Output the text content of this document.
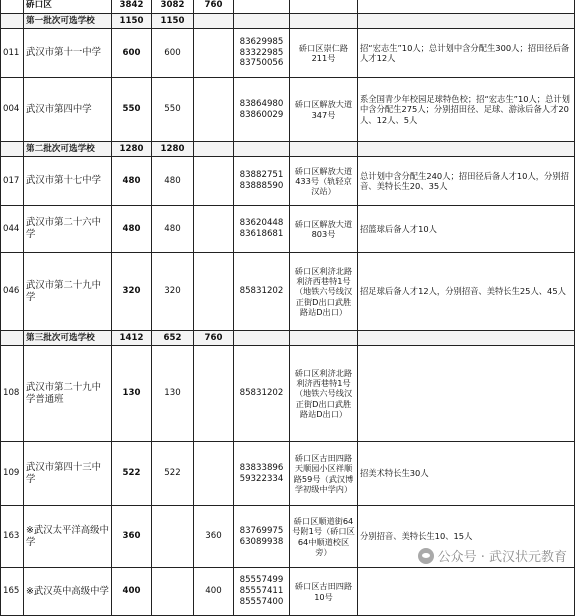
	硚口区	3842	3082	760			
	第一批次可选学校	1150	1150				
011	武汉市第十一中学	600	600		83629985
83322985
83750056	硚口区崇仁路
211号	招“宏志生”10人；总计划中含分配生300人；招田径后备人才12人
004	武汉市第四中学	550	550		83864980
83860029	硚口区解放大道
347号	系全国青少年校园足球特色校；招“宏志生”10人；总计划中含分配生275人；分别招田径、足球、游泳后备人才20人、12人、5人
	第二批次可选学校	1280	1280				
017	武汉市第十七中学	480	480		83882751
83888590	硚口区解放大道
433号（轨轻京汉站）	总计划中含分配生240人；招田径后备人才10人，分别招音、美特长生20、35人
044	武汉市第二十六中学	480	480		83620448
83618681	硚口区解放大道
803号	招篮球后备人才10人
046	武汉市第二十九中学	320	320		85831202	硚口区利济北路利济西巷特1号（地铁六号线汉正街D出口武胜路站D出口）	招足球后备人才12人，分别招音、美特长生25人、45人
	第三批次可选学校	1412	652	760			
108	武汉市第二十九中学普通班	130	130		85831202	硚口区利济北路利济西巷特1号（地铁六号线汉正街D出口武胜路站D出口）	
109	武汉市第四十三中学	522	522		83833896
59322334	硚口区古田四路天顺园小区祥顺路59号（武汉博学初级中学内）	招美术特长生30人
163	※武汉太平洋高级中学	360		360	83769975
63089938	硚口区顺道街64号附1号（硚口区64中顺道校区旁）	分别招音、美特长生10、15人
165	※武汉英中高级中学	400		400	85557499
85557411
85557400	硚口区古田四路
10号	
公众号 · 武汉状元教育
